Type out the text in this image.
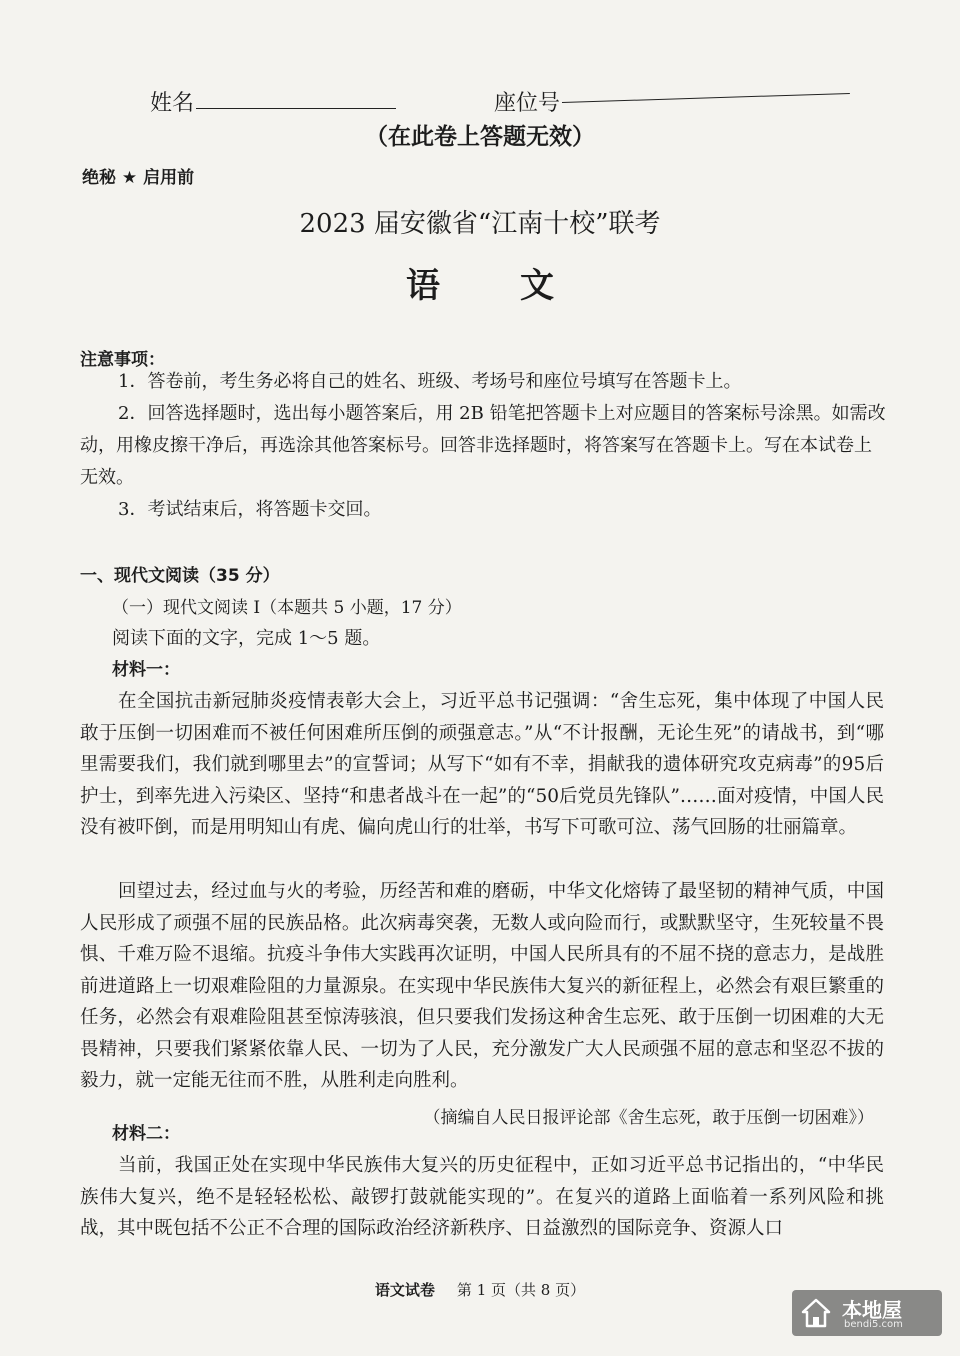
姓名	座位号
（在此卷上答题无效）
绝秘 ★ 启用前
2023 届安徽省“江南十校”联考
语文
注意事项：
1．答卷前，考生务必将自己的姓名、班级、考场号和座位号填写在答题卡上。
2．回答选择题时，选出每小题答案后，用 2B 铅笔把答题卡上对应题目的答案标号涂黑。如需改动，用橡皮擦干净后，再选涂其他答案标号。回答非选择题时，将答案写在答题卡上。写在本试卷上无效。
3．考试结束后，将答题卡交回。
一、现代文阅读（35 分）
（一）现代文阅读 Ⅰ（本题共 5 小题，17 分）
阅读下面的文字，完成 1～5 题。
材料一：
在全国抗击新冠肺炎疫情表彰大会上，习近平总书记强调：“舍生忘死，集中体现了中国人民敢于压倒一切困难而不被任何困难所压倒的顽强意志。”从“不计报酬，无论生死”的请战书，到“哪里需要我们，我们就到哪里去”的宣誓词；从写下“如有不幸，捐献我的遗体研究攻克病毒”的95后护士，到率先进入污染区、坚持“和患者战斗在一起”的“50后党员先锋队”……面对疫情，中国人民没有被吓倒，而是用明知山有虎、偏向虎山行的壮举，书写下可歌可泣、荡气回肠的壮丽篇章。
回望过去，经过血与火的考验，历经苦和难的磨砺，中华文化熔铸了最坚韧的精神气质，中国人民形成了顽强不屈的民族品格。此次病毒突袭，无数人或向险而行，或默默坚守，生死较量不畏惧、千难万险不退缩。抗疫斗争伟大实践再次证明，中国人民所具有的不屈不挠的意志力，是战胜前进道路上一切艰难险阻的力量源泉。在实现中华民族伟大复兴的新征程上，必然会有艰巨繁重的任务，必然会有艰难险阻甚至惊涛骇浪，但只要我们发扬这种舍生忘死、敢于压倒一切困难的大无畏精神，只要我们紧紧依靠人民、一切为了人民，充分激发广大人民顽强不屈的意志和坚忍不拔的毅力，就一定能无往而不胜，从胜利走向胜利。
（摘编自人民日报评论部《舍生忘死，敢于压倒一切困难》）
材料二：
当前，我国正处在实现中华民族伟大复兴的历史征程中，正如习近平总书记指出的，“中华民族伟大复兴，绝不是轻轻松松、敲锣打鼓就能实现的”。在复兴的道路上面临着一系列风险和挑战，其中既包括不公正不合理的国际政治经济新秩序、日益激烈的国际竞争、资源人口
语文试卷 第 1 页（共 8 页）
本地屋
bendi5.com
